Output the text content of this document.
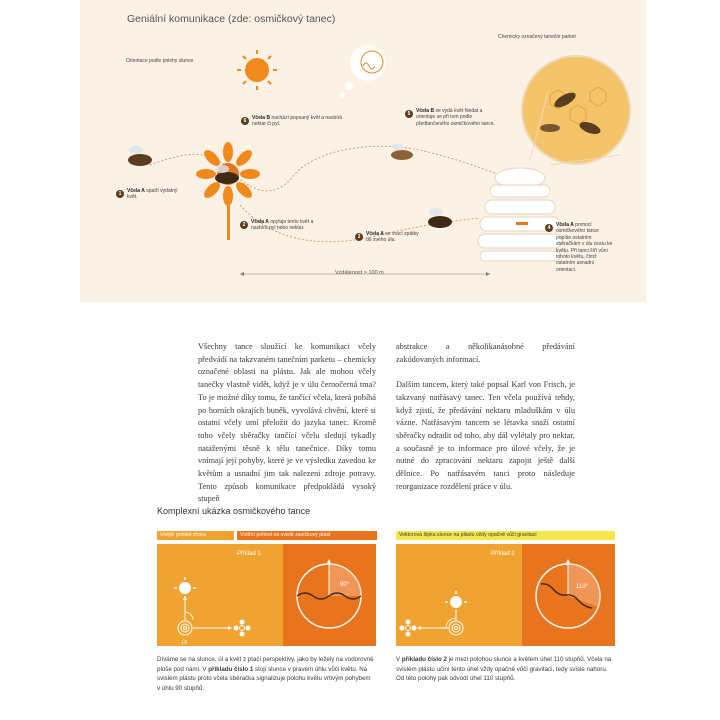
Geniální komunikace (zde: osmičkový tanec)
Orientace podle polohy slunce
Chemicky označený taneční parket
Vzdálenost > 100 m
1	Včela A spatří vydatný květ.
2	Včela A opyluje tento květ a nasbírá pyl nebo nektar.
3	Včela A se vrací zpátky do svého úlu.
4	Včela A pomocí osmičkového tance popíše ostatním sběračkám v úlu cestu ke květu. Při tanci šíří vůni tohoto květu, čímž ostatním usnadní orientaci.
5	Včela B se vydá květ hledat a orientuje se při tom podle předtančeného osmičkového tance.
6	Včela B nachází popsaný květ a nasbírá nektar či pyl.

Všechny tance sloužící ke komunikaci včely předvádí na takzvaném tanečním parketu – chemicky označené oblasti na plástu. Jak ale mohou včely tanečky vlastně vidět, když je v úlu černočerná tma? To je možné díky tomu, že tančící včela, která pobíhá po horních okrajích buněk, vyvolává chvění, které si ostatní včely umí přeložit do jazyka tanec. Kromě toho včely sběračky tančící včelu sledují tykadly nataženými těsně k tělu tanečnice. Díky tomu vnímají její pohyby, které je ve výsledku zavedou ke květům a usnadní jim tak nalezení zdroje potravy. Tento způsob komunikace předpokládá vysoký stupeň

abstrakce a několikanásobné předávání zakódovaných informací.

Dalším tancem, který také popsal Karl von Frisch, je takzvaný natřásavý tanec. Ten včela používá tehdy, když zjistí, že předávání nektaru mladuškám v úlu vázne. Natřásavým tancem se létavka snaží ostatní sběračky odradit od toho, aby dál vylétaly pro nektar, a současně je to informace pro úlové včely, že je nutné do zpracování nektaru zapojit ještě další dělnice. Po natřásavém tanci proto následuje reorganizace rozdělení práce v úlu.

Komplexní ukázka osmičkového tance
Vnější pohled zhora	Vnitřní pohled na svislé zavíčkový plást	Vektorová šipka slunce na plástu vždy opačně vůči gravitaci
Příklad 1
Úl
90°
Příklad 2
110°
Díváme se na slunce, úl a květ z ptačí perspektivy, jako by ležely na vodorovné ploše pod námi. V příkladu číslo 1 stojí slunce v pravém úhlu vůči květu. Na svislém plástu proto včela sběračka signalizuje polohu květu vrtivým pohybem v úhlu 90 stupňů.
V příkladu číslo 2 je mezi polohou slunce a květem úhel 110 stupňů. Včela na svislém plástu učiní tento úhel vždy opačně vůči gravitaci, tedy svisle nahoru. Od této polohy pak odvodí úhel 110 stupňů.
